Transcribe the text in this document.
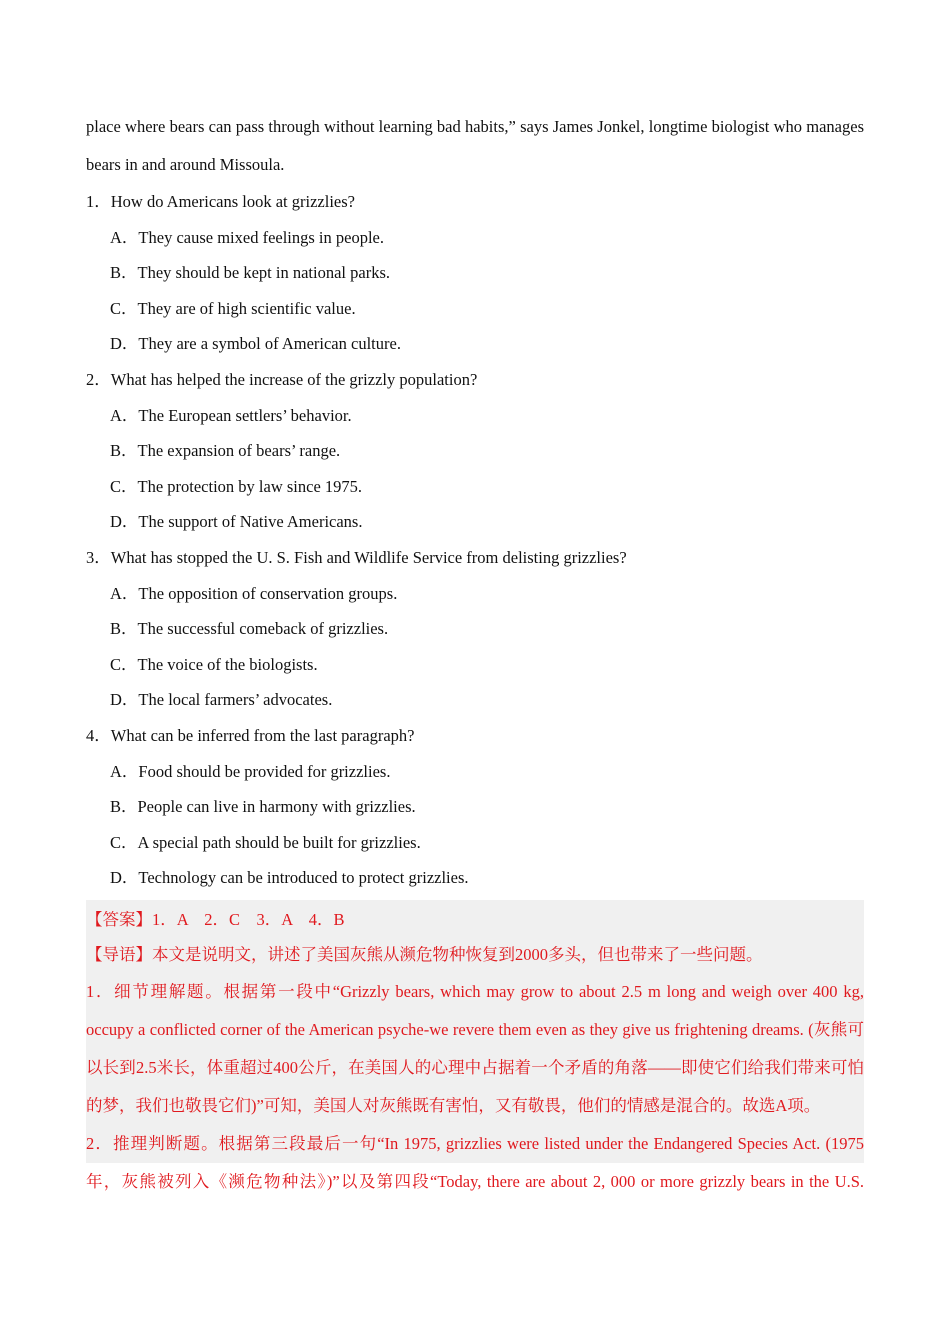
place where bears can pass through without learning bad habits,” says James Jonkel, longtime biologist who manages bears in and around Missoula.

1．How do Americans look at grizzlies?
A．They cause mixed feelings in people.
B．They should be kept in national parks.
C．They are of high scientific value.
D．They are a symbol of American culture.
2．What has helped the increase of the grizzly population?
A．The European settlers’ behavior.
B．The expansion of bears’ range.
C．The protection by law since 1975.
D．The support of Native Americans.
3．What has stopped the U. S. Fish and Wildlife Service from delisting grizzlies?
A．The opposition of conservation groups.
B．The successful comeback of grizzlies.
C．The voice of the biologists.
D．The local farmers’ advocates.
4．What can be inferred from the last paragraph?
A．Food should be provided for grizzlies.
B．People can live in harmony with grizzlies.
C．A special path should be built for grizzlies.
D．Technology can be introduced to protect grizzlies.
【答案】1．A　2．C　3．A　4．B
【导语】本文是说明文，讲述了美国灰熊从濒危物种恢复到2000多头，但也带来了一些问题。

1．细节理解题。根据第一段中“Grizzly bears, which may grow to about 2.5 m long and weigh over 400 kg, occupy a conflicted corner of the American psyche-we revere them even as they give us frightening dreams. (灰熊可以长到2.5米长，体重超过400公斤，在美国人的心理中占据着一个矛盾的角落——即使它们给我们带来可怕的梦，我们也敬畏它们)”可知，美国人对灰熊既有害怕，又有敬畏，他们的情感是混合的。故选A项。

2．推理判断题。根据第三段最后一句“In 1975, grizzlies were listed under the Endangered Species Act. (1975年，灰熊被列入《濒危物种法》)”以及第四段“Today, there are about 2, 000 or more grizzly bears in the U.S.
